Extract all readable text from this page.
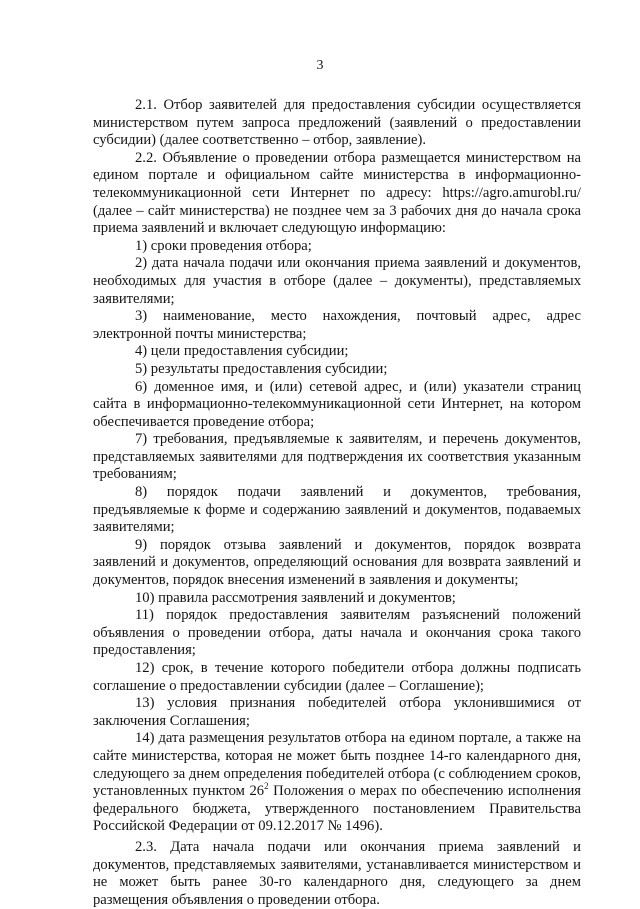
3

2.1. Отбор заявителей для предоставления субсидии осуществляется министерством путем запроса предложений (заявлений о предоставлении субсидии) (далее соответственно – отбор, заявление).

2.2. Объявление о проведении отбора размещается министерством на едином портале и официальном сайте министерства в информационно-телекоммуникационной сети Интернет по адресу: https://agro.amurobl.ru/ (далее – сайт министерства) не позднее чем за 3 рабочих дня до начала срока приема заявлений и включает следующую информацию:

1) сроки проведения отбора;

2) дата начала подачи или окончания приема заявлений и документов, необходимых для участия в отборе (далее – документы), представляемых заявителями;

3) наименование, место нахождения, почтовый адрес, адрес электронной почты министерства;

4) цели предоставления субсидии;

5) результаты предоставления субсидии;

6) доменное имя, и (или) сетевой адрес, и (или) указатели страниц сайта в информационно-телекоммуникационной сети Интернет, на котором обеспечивается проведение отбора;

7) требования, предъявляемые к заявителям, и перечень документов, представляемых заявителями для подтверждения их соответствия указанным требованиям;

8) порядок подачи заявлений и документов, требования, предъявляемые к форме и содержанию заявлений и документов, подаваемых заявителями;

9) порядок отзыва заявлений и документов, порядок возврата заявлений и документов, определяющий основания для возврата заявлений и документов, порядок внесения изменений в заявления и документы;

10) правила рассмотрения заявлений и документов;

11) порядок предоставления заявителям разъяснений положений объявления о проведении отбора, даты начала и окончания срока такого предоставления;

12) срок, в течение которого победители отбора должны подписать соглашение о предоставлении субсидии (далее – Соглашение);

13) условия признания победителей отбора уклонившимися от заключения Соглашения;

14) дата размещения результатов отбора на едином портале, а также на сайте министерства, которая не может быть позднее 14-го календарного дня, следующего за днем определения победителей отбора (с соблюдением сроков, установленных пунктом $26^2$ Положения о мерах по обеспечению исполнения федерального бюджета, утвержденного постановлением Правительства Российской Федерации от 09.12.2017 № 1496).

2.3. Дата начала подачи или окончания приема заявлений и документов, представляемых заявителями, устанавливается министерством и не может быть ранее 30-го календарного дня, следующего за днем размещения объявления о проведении отбора.
